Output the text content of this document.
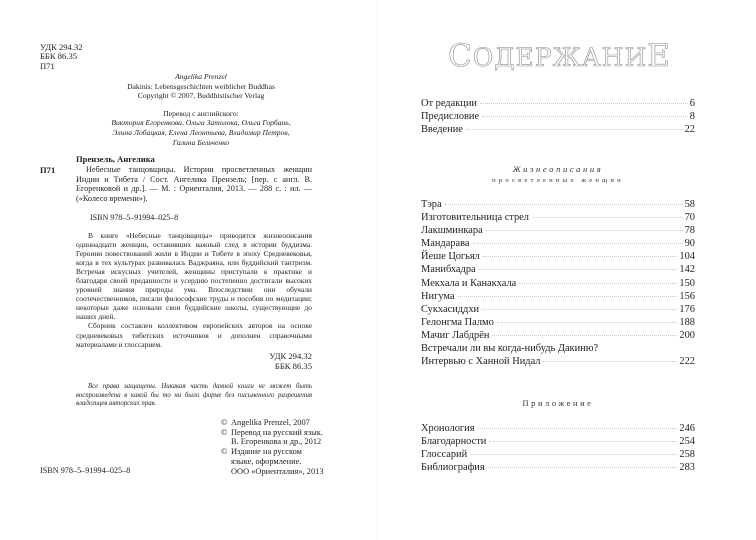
УДК 294.32
ББК 86.35
П71
Angelika Prenzel
Dakinis: Lebensgeschichten weiblicher Buddhas
Copyright © 2007, Buddhistischer Verlag
Перевод с английского:
Виктория Егоренкова, Ольга Затолока, Ольга Горбань,
Элина Лобацкая, Елена Леонтьева, Владимир Петров,
Галина Бельченко
Прензель, Ангелика
П71	Небесные танцовщицы. Истории просветленных женщин Индии и Тибета / Сост. Ангелика Прензель; [пер. с англ. В. Егоренковой и др.]. — М. : Ориенталия, 2013. — 288 с. : ил. — («Колесо времени»).
ISBN 978–5–91994–025–8

В книге «Небесные танцовщицы» приводятся жизнеописания одиннадцати женщин, оставивших важный след в истории буддизма. Героини повествований жили в Индии и Тибете в эпоху Средневековья, когда в тех культурах развивалась Ваджраяна, или буддийский тантризм. Встречая искусных учителей, женщины приступали к практике и благодаря своей преданности и усердию постепенно достигали высоких уровней знания природы ума. Впоследствии они обучали соотечественников, писали философские труды и пособия по медитации; некоторые даже основали свои буддийские школы, существующие до наших дней.

Сборник составлен коллективом европейских авторов на основе средневековых тибетских источников и дополнен справочными материалами и глоссарием.

УДК 294.32
ББК 86.35
Все права защищены. Никакая часть данной книги не может быть воспроизведена в какой бы то ни было форме без письменного разрешения владельцев авторских прав.
© Angelika Prenzel, 2007
© Перевод на русский язык.
В. Егоренкова и др., 2012
© Издание на русском
языке, оформление.
ООО «Ориенталия», 2013
ISBN 978–5–91994–025–8
СОДЕРЖАНИЕ
От редакции	6
Предисловие	8
Введение	22
Жизнеописания
просветленных женщин
Тэра	58
Изготовительница стрел	70
Лакшминкара	78
Мандарава	90
Йеше Цогьял	104
Манибхадра	142
Мекхала и Канакхала	150
Нигума	156
Сукхасиддхи	176
Гелонгма Палмо	188
Мачиг Лабдрён	200
Встречали ли вы когда-нибудь Дакиню?
Интервью с Ханной Нидал	222
Приложение
Хронология	246
Благодарности	254
Глоссарий	258
Библиография	283
